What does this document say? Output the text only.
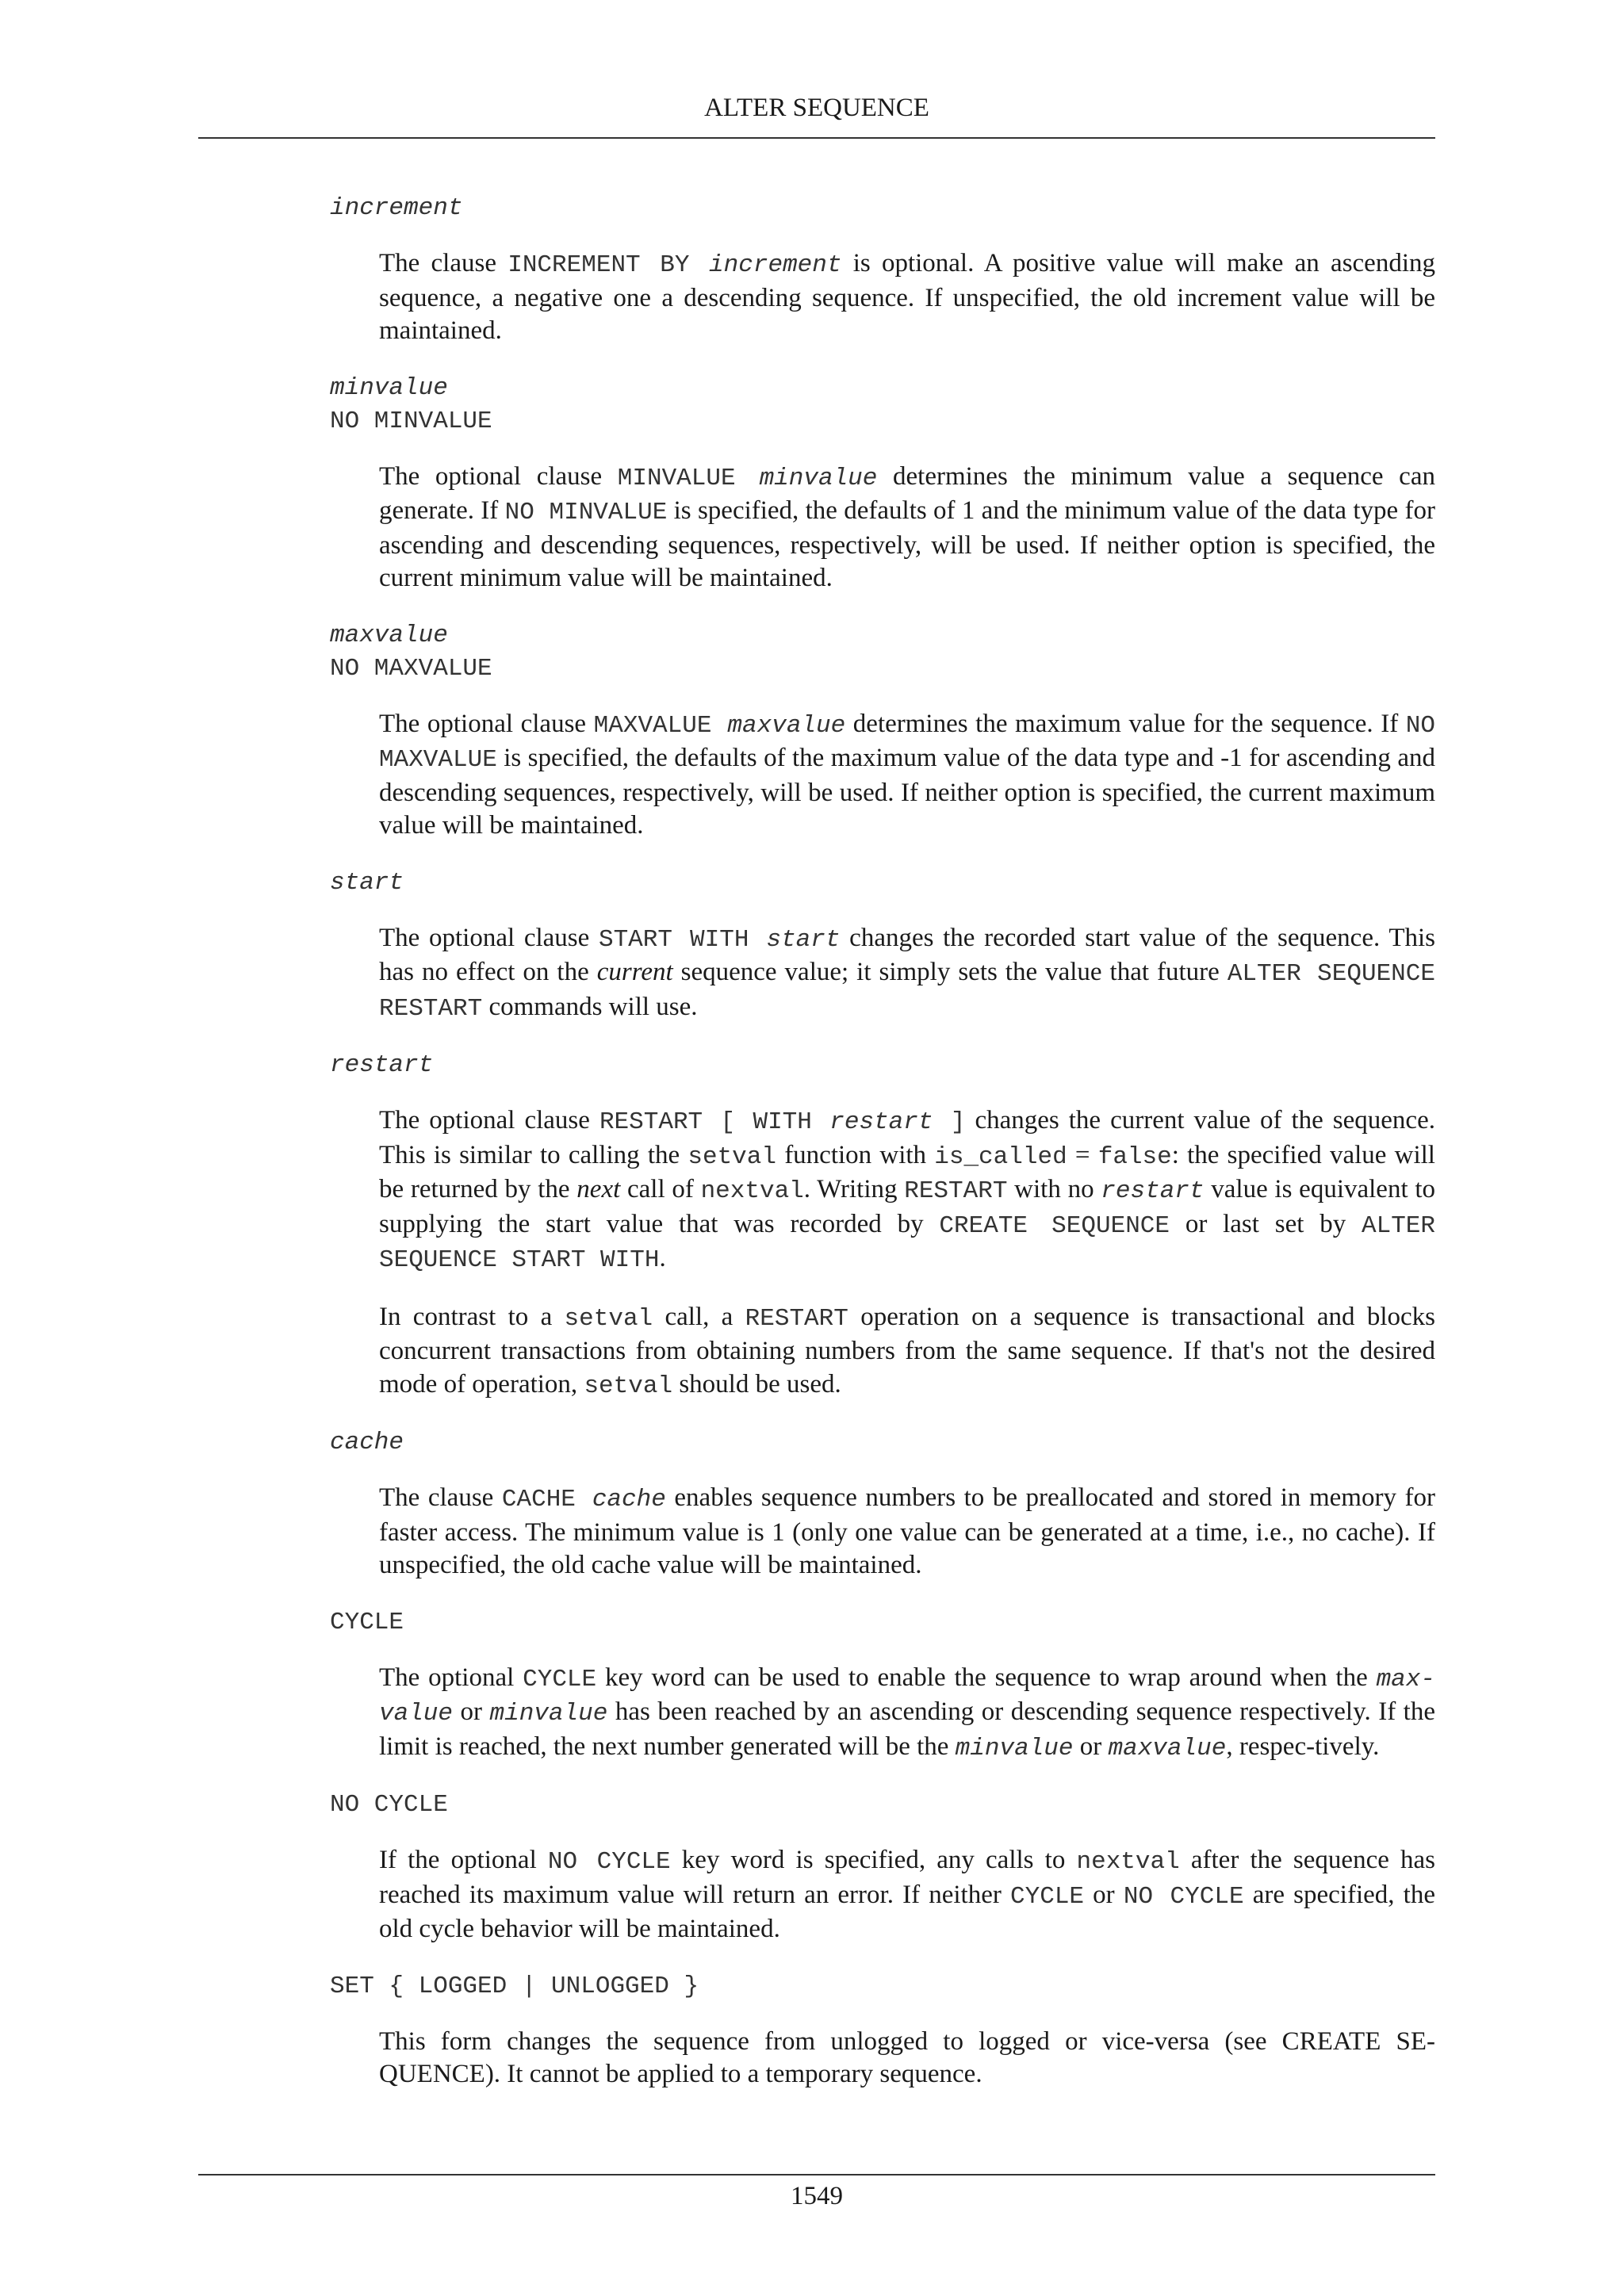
ALTER SEQUENCE
increment

The clause INCREMENT BY increment is optional. A positive value will make an ascending sequence, a negative one a descending sequence. If unspecified, the old increment value will be maintained.

minvalue
NO MINVALUE

The optional clause MINVALUE minvalue determines the minimum value a sequence can generate. If NO MINVALUE is specified, the defaults of 1 and the minimum value of the data type for ascending and descending sequences, respectively, will be used. If neither option is specified, the current minimum value will be maintained.

maxvalue
NO MAXVALUE

The optional clause MAXVALUE maxvalue determines the maximum value for the sequence. If NO MAXVALUE is specified, the defaults of the maximum value of the data type and -1 for ascending and descending sequences, respectively, will be used. If neither option is specified, the current maximum value will be maintained.

start

The optional clause START WITH start changes the recorded start value of the sequence. This has no effect on the current sequence value; it simply sets the value that future ALTER SEQUENCE RESTART commands will use.

restart

The optional clause RESTART [ WITH restart ] changes the current value of the sequence. This is similar to calling the setval function with is_called = false: the specified value will be returned by the next call of nextval. Writing RESTART with no restart value is equivalent to supplying the start value that was recorded by CREATE SEQUENCE or last set by ALTER SEQUENCE START WITH.

In contrast to a setval call, a RESTART operation on a sequence is transactional and blocks concurrent transactions from obtaining numbers from the same sequence. If that's not the desired mode of operation, setval should be used.

cache

The clause CACHE cache enables sequence numbers to be preallocated and stored in memory for faster access. The minimum value is 1 (only one value can be generated at a time, i.e., no cache). If unspecified, the old cache value will be maintained.

CYCLE

The optional CYCLE key word can be used to enable the sequence to wrap around when the max-value or minvalue has been reached by an ascending or descending sequence respectively. If the limit is reached, the next number generated will be the minvalue or maxvalue, respec-tively.

NO CYCLE

If the optional NO CYCLE key word is specified, any calls to nextval after the sequence has reached its maximum value will return an error. If neither CYCLE or NO CYCLE are specified, the old cycle behavior will be maintained.

SET { LOGGED | UNLOGGED }

This form changes the sequence from unlogged to logged or vice-versa (see CREATE SE-QUENCE). It cannot be applied to a temporary sequence.

1549
